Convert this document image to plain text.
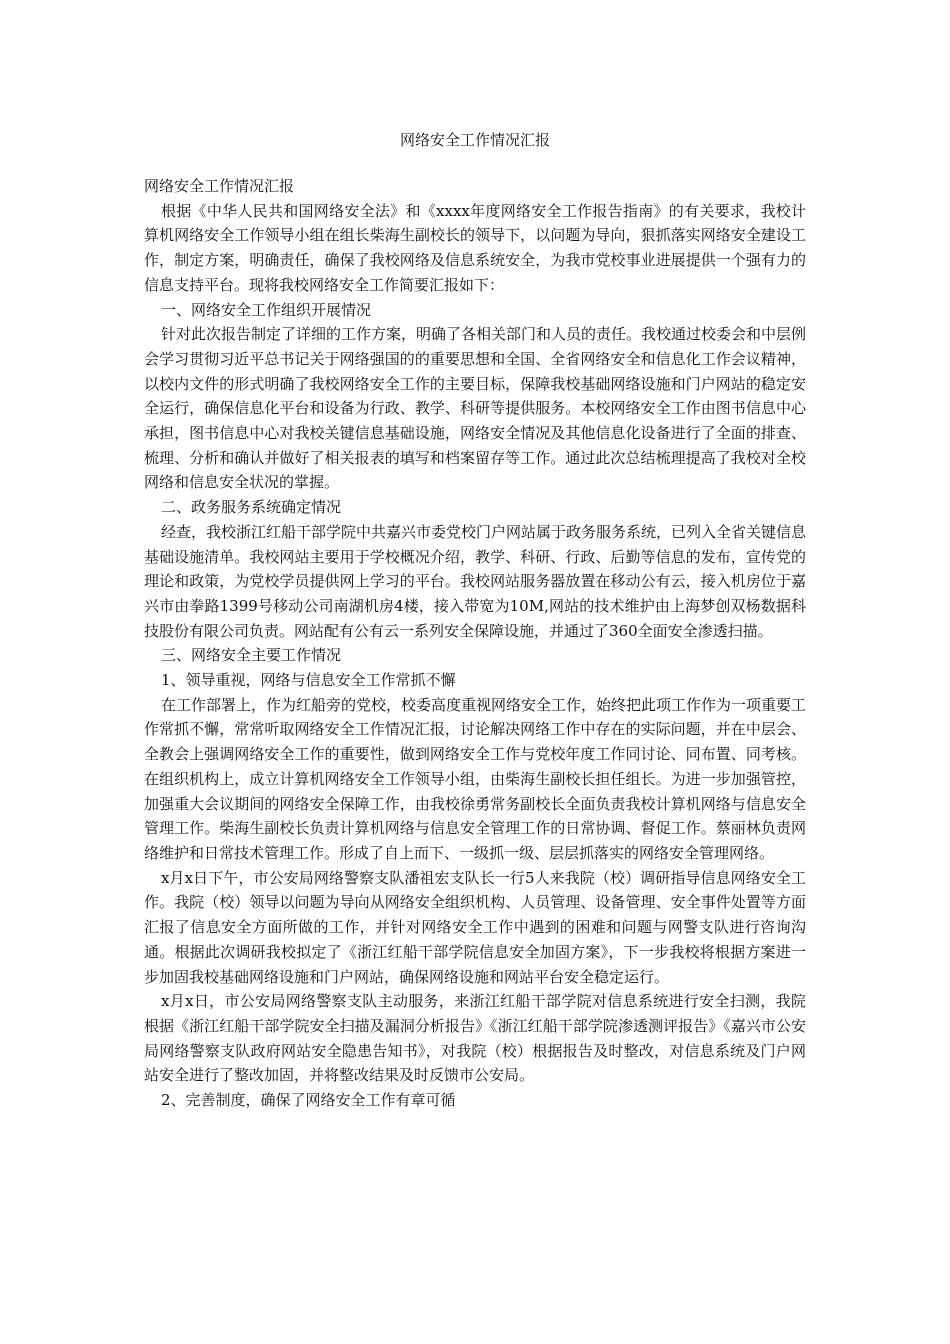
网络安全工作情况汇报

网络安全工作情况汇报

根据《中华人民共和国网络安全法》和《xxxx年度网络安全工作报告指南》的有关要求，我校计算机网络安全工作领导小组在组长柴海生副校长的领导下，以问题为导向，狠抓落实网络安全建设工作，制定方案，明确责任，确保了我校网络及信息系统安全，为我市党校事业进展提供一个强有力的信息支持平台。现将我校网络安全工作简要汇报如下：

一、网络安全工作组织开展情况

针对此次报告制定了详细的工作方案，明确了各相关部门和人员的责任。我校通过校委会和中层例会学习贯彻习近平总书记关于网络强国的的重要思想和全国、全省网络安全和信息化工作会议精神，以校内文件的形式明确了我校网络安全工作的主要目标，保障我校基础网络设施和门户网站的稳定安全运行，确保信息化平台和设备为行政、教学、科研等提供服务。本校网络安全工作由图书信息中心承担，图书信息中心对我校关键信息基础设施，网络安全情况及其他信息化设备进行了全面的排查、梳理、分析和确认并做好了相关报表的填写和档案留存等工作。通过此次总结梳理提高了我校对全校网络和信息安全状况的掌握。

二、政务服务系统确定情况

经查，我校浙江红船干部学院中共嘉兴市委党校门户网站属于政务服务系统，已列入全省关键信息基础设施清单。我校网站主要用于学校概况介绍，教学、科研、行政、后勤等信息的发布，宣传党的理论和政策，为党校学员提供网上学习的平台。我校网站服务器放置在移动公有云，接入机房位于嘉兴市由拳路1399号移动公司南湖机房4楼，接入带宽为10M,网站的技术维护由上海梦创双杨数据科技股份有限公司负责。网站配有公有云一系列安全保障设施，并通过了360全面安全渗透扫描。

三、网络安全主要工作情况

1、领导重视，网络与信息安全工作常抓不懈

在工作部署上，作为红船旁的党校，校委高度重视网络安全工作，始终把此项工作作为一项重要工作常抓不懈，常常听取网络安全工作情况汇报，讨论解决网络工作中存在的实际问题，并在中层会、全教会上强调网络安全工作的重要性，做到网络安全工作与党校年度工作同讨论、同布置、同考核。在组织机构上，成立计算机网络安全工作领导小组，由柴海生副校长担任组长。为进一步加强管控，加强重大会议期间的网络安全保障工作，由我校徐勇常务副校长全面负责我校计算机网络与信息安全管理工作。柴海生副校长负责计算机网络与信息安全管理工作的日常协调、督促工作。蔡丽林负责网络维护和日常技术管理工作。形成了自上而下、一级抓一级、层层抓落实的网络安全管理网络。

x月x日下午，市公安局网络警察支队潘祖宏支队长一行5人来我院（校）调研指导信息网络安全工作。我院（校）领导以问题为导向从网络安全组织机构、人员管理、设备管理、安全事件处置等方面汇报了信息安全方面所做的工作，并针对网络安全工作中遇到的困难和问题与网警支队进行咨询沟通。根据此次调研我校拟定了《浙江红船干部学院信息安全加固方案》，下一步我校将根据方案进一步加固我校基础网络设施和门户网站，确保网络设施和网站平台安全稳定运行。

x月x日，市公安局网络警察支队主动服务，来浙江红船干部学院对信息系统进行安全扫测，我院根据《浙江红船干部学院安全扫描及漏洞分析报告》《浙江红船干部学院渗透测评报告》《嘉兴市公安局网络警察支队政府网站安全隐患告知书》，对我院（校）根据报告及时整改，对信息系统及门户网站安全进行了整改加固，并将整改结果及时反馈市公安局。

2、完善制度，确保了网络安全工作有章可循
